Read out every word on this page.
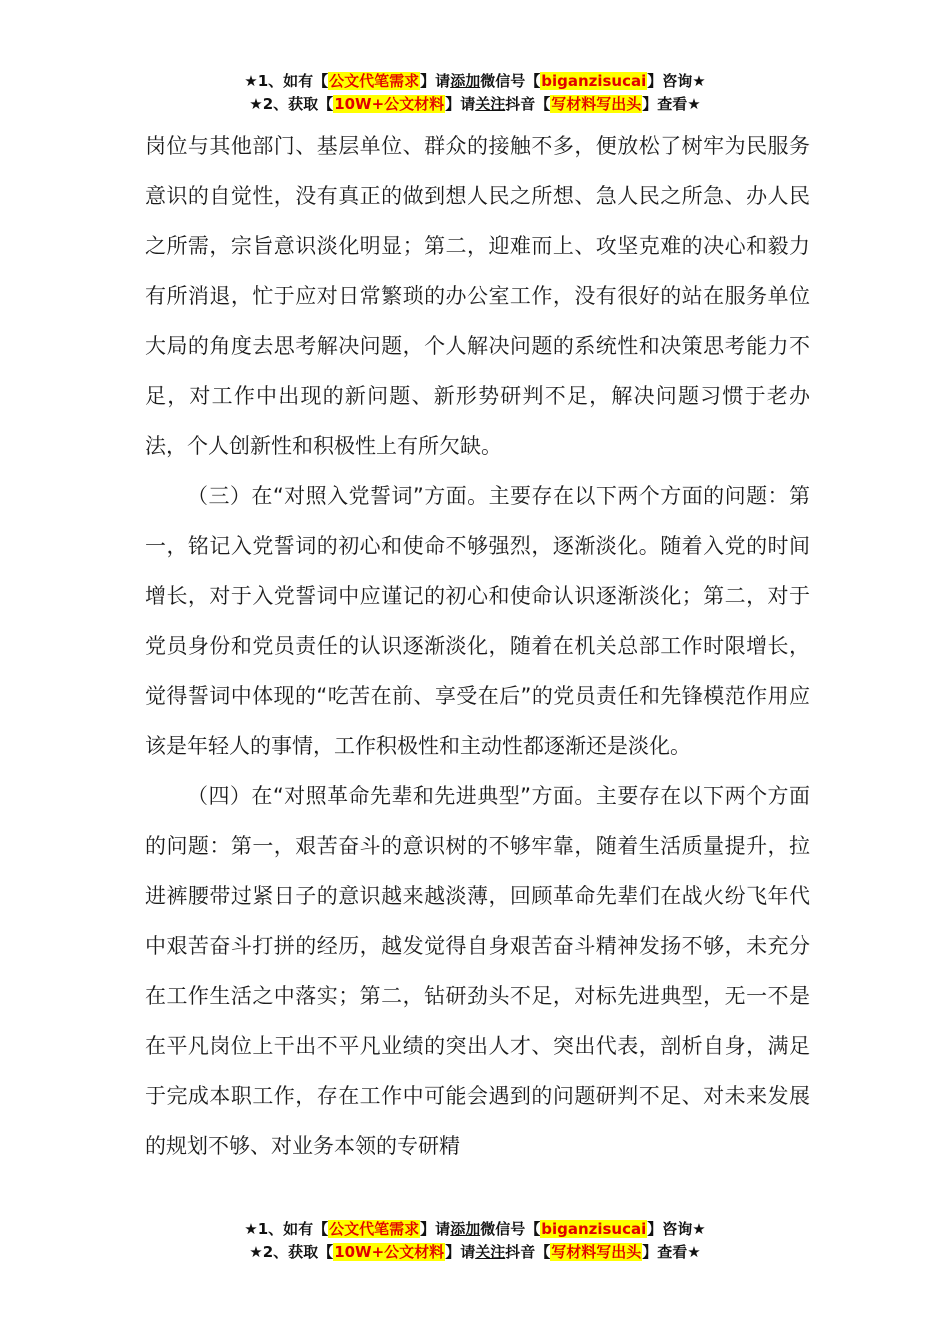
★1、如有【公文代笔需求】请添加微信号【biganzisucai】咨询★
★2、获取【10W+公文材料】请关注抖音【写材料写出头】查看★

岗位与其他部门、基层单位、群众的接触不多，便放松了树牢为民服务意识的自觉性，没有真正的做到想人民之所想、急人民之所急、办人民之所需，宗旨意识淡化明显；第二，迎难而上、攻坚克难的决心和毅力有所消退，忙于应对日常繁琐的办公室工作，没有很好的站在服务单位大局的角度去思考解决问题，个人解决问题的系统性和决策思考能力不足，对工作中出现的新问题、新形势研判不足，解决问题习惯于老办法，个人创新性和积极性上有所欠缺。

（三）在“对照入党誓词”方面。主要存在以下两个方面的问题：第一，铭记入党誓词的初心和使命不够强烈，逐渐淡化。随着入党的时间增长，对于入党誓词中应谨记的初心和使命认识逐渐淡化；第二，对于党员身份和党员责任的认识逐渐淡化，随着在机关总部工作时限增长，觉得誓词中体现的“吃苦在前、享受在后”的党员责任和先锋模范作用应该是年轻人的事情，工作积极性和主动性都逐渐还是淡化。

（四）在“对照革命先辈和先进典型”方面。主要存在以下两个方面的问题：第一，艰苦奋斗的意识树的不够牢靠，随着生活质量提升，拉进裤腰带过紧日子的意识越来越淡薄，回顾革命先辈们在战火纷飞年代中艰苦奋斗打拼的经历，越发觉得自身艰苦奋斗精神发扬不够，未充分在工作生活之中落实；第二，钻研劲头不足，对标先进典型，无一不是在平凡岗位上干出不平凡业绩的突出人才、突出代表，剖析自身，满足于完成本职工作，存在工作中可能会遇到的问题研判不足、对未来发展的规划不够、对业务本领的专研精

★1、如有【公文代笔需求】请添加微信号【biganzisucai】咨询★
★2、获取【10W+公文材料】请关注抖音【写材料写出头】查看★
